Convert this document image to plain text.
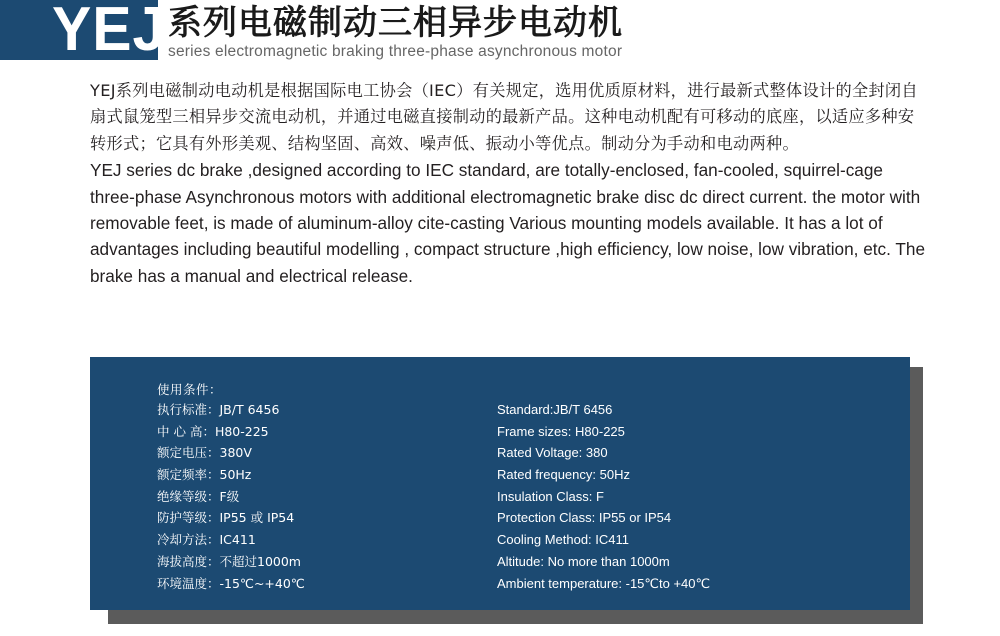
YEJ 系列电磁制动三相异步电动机
series electromagnetic braking three-phase asynchronous motor

YEJ系列电磁制动电动机是根据国际电工协会（IEC）有关规定，选用优质原材料，进行最新式整体设计的全封闭自扇式鼠笼型三相异步交流电动机，并通过电磁直接制动的最新产品。这种电动机配有可移动的底座，以适应多种安转形式；它具有外形美观、结构坚固、高效、噪声低、振动小等优点。制动分为手动和电动两种。

YEJ series dc brake ,designed according to IEC standard, are totally-enclosed, fan-cooled, squirrel-cage three-phase Asynchronous motors with additional electromagnetic brake disc dc direct current. the motor with removable feet, is made of aluminum-alloy cite-casting Various mounting models available. It has a lot of advantages including beautiful modelling , compact structure ,high efficiency, low noise, low vibration, etc. The brake has a manual and electrical release.

使用条件：
执行标准：JB/T 6456	Standard:JB/T 6456
中 心 高：H80-225	Frame sizes: H80-225
额定电压：380V	Rated Voltage: 380
额定频率：50Hz	Rated frequency: 50Hz
绝缘等级：F级	Insulation Class: F
防护等级：IP55 或 IP54	Protection Class: IP55 or IP54
冷却方法：IC411	Cooling Method: IC411
海拔高度：不超过1000m	Altitude: No more than 1000m
环境温度：-15℃~+40℃	Ambient temperature: -15℃to +40℃
